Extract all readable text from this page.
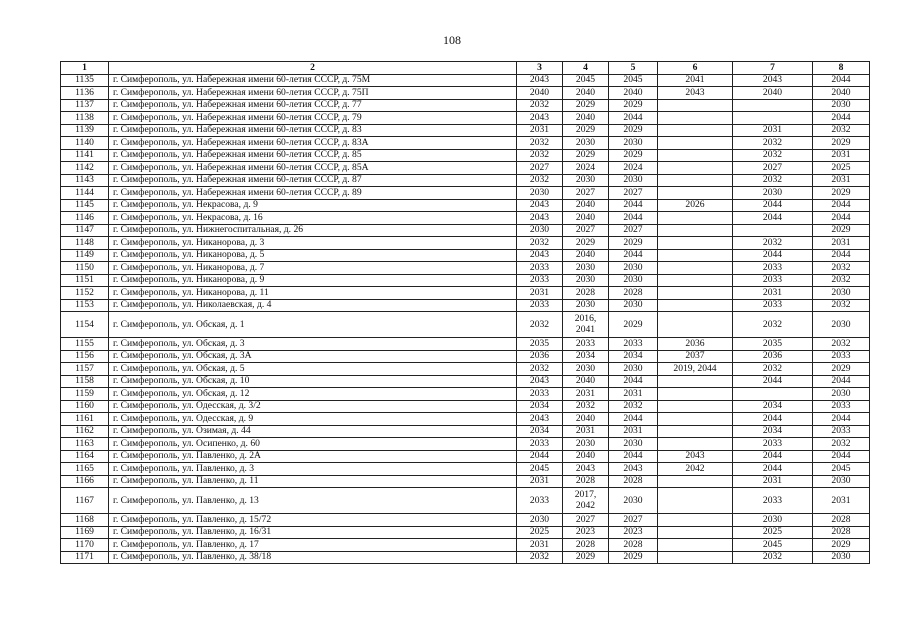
108
1	2	3	4	5	6	7	8
1135	г. Симферополь, ул. Набережная имени 60-летия СССР, д. 75М	2043	2045	2045	2041	2043	2044
1136	г. Симферополь, ул. Набережная имени 60-летия СССР, д. 75П	2040	2040	2040	2043	2040	2040
1137	г. Симферополь, ул. Набережная имени 60-летия СССР, д. 77	2032	2029	2029			2030
1138	г. Симферополь, ул. Набережная имени 60-летия СССР, д. 79	2043	2040	2044			2044
1139	г. Симферополь, ул. Набережная имени 60-летия СССР, д. 83	2031	2029	2029		2031	2032
1140	г. Симферополь, ул. Набережная имени 60-летия СССР, д. 83А	2032	2030	2030		2032	2029
1141	г. Симферополь, ул. Набережная имени 60-летия СССР, д. 85	2032	2029	2029		2032	2031
1142	г. Симферополь, ул. Набережная имени 60-летия СССР, д. 85А	2027	2024	2024		2027	2025
1143	г. Симферополь, ул. Набережная имени 60-летия СССР, д. 87	2032	2030	2030		2032	2031
1144	г. Симферополь, ул. Набережная имени 60-летия СССР, д. 89	2030	2027	2027		2030	2029
1145	г. Симферополь, ул. Некрасова, д. 9	2043	2040	2044	2026	2044	2044
1146	г. Симферополь, ул. Некрасова, д. 16	2043	2040	2044		2044	2044
1147	г. Симферополь, ул. Нижнегоспитальная, д. 26	2030	2027	2027			2029
1148	г. Симферополь, ул. Никанорова, д. 3	2032	2029	2029		2032	2031
1149	г. Симферополь, ул. Никанорова, д. 5	2043	2040	2044		2044	2044
1150	г. Симферополь, ул. Никанорова, д. 7	2033	2030	2030		2033	2032
1151	г. Симферополь, ул. Никанорова, д. 9	2033	2030	2030		2033	2032
1152	г. Симферополь, ул. Никанорова, д. 11	2031	2028	2028		2031	2030
1153	г. Симферополь, ул. Николаевская, д. 4	2033	2030	2030		2033	2032
1154	г. Симферополь, ул. Обская, д. 1	2032	2016, 2041	2029		2032	2030
1155	г. Симферополь, ул. Обская, д. 3	2035	2033	2033	2036	2035	2032
1156	г. Симферополь, ул. Обская, д. 3А	2036	2034	2034	2037	2036	2033
1157	г. Симферополь, ул. Обская, д. 5	2032	2030	2030	2019, 2044	2032	2029
1158	г. Симферополь, ул. Обская, д. 10	2043	2040	2044		2044	2044
1159	г. Симферополь, ул. Обская, д. 12	2033	2031	2031			2030
1160	г. Симферополь, ул. Одесская, д. 3/2	2034	2032	2032		2034	2033
1161	г. Симферополь, ул. Одесская, д. 9	2043	2040	2044		2044	2044
1162	г. Симферополь, ул. Озимая, д. 44	2034	2031	2031		2034	2033
1163	г. Симферополь, ул. Осипенко, д. 60	2033	2030	2030		2033	2032
1164	г. Симферополь, ул. Павленко, д. 2А	2044	2040	2044	2043	2044	2044
1165	г. Симферополь, ул. Павленко, д. 3	2045	2043	2043	2042	2044	2045
1166	г. Симферополь, ул. Павленко, д. 11	2031	2028	2028		2031	2030
1167	г. Симферополь, ул. Павленко, д. 13	2033	2017, 2042	2030		2033	2031
1168	г. Симферополь, ул. Павленко, д. 15/72	2030	2027	2027		2030	2028
1169	г. Симферополь, ул. Павленко, д. 16/31	2025	2023	2023		2025	2028
1170	г. Симферополь, ул. Павленко, д. 17	2031	2028	2028		2045	2029
1171	г. Симферополь, ул. Павленко, д. 38/18	2032	2029	2029		2032	2030
